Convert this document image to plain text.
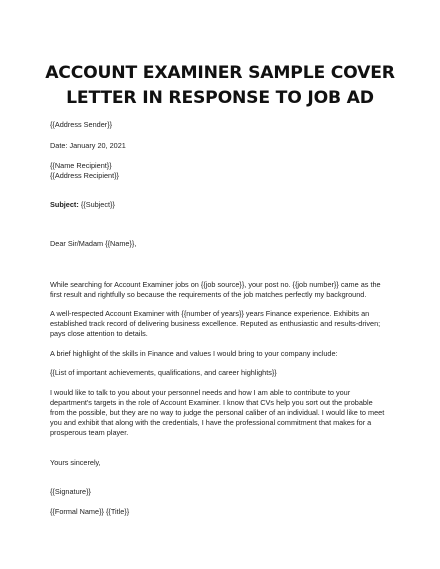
ACCOUNT EXAMINER SAMPLE COVER
LETTER IN RESPONSE TO JOB AD
{{Address Sender}}
Date: January 20, 2021
{{Name Recipient}}
{{Address Recipient}}
Subject: {{Subject}}
Dear Sir/Madam {{Name}},
While searching for Account Examiner jobs on {{job source}}, your post no. {{job number}} came as the
first result and rightfully so because the requirements of the job matches perfectly my background.
A well-respected Account Examiner with {{number of years}} years Finance experience. Exhibits an
established track record of delivering business excellence. Reputed as enthusiastic and results-driven;
pays close attention to details.
A brief highlight of the skills in Finance and values I would bring to your company include:
{{List of important achievements, qualifications, and career highlights}}
I would like to talk to you about your personnel needs and how I am able to contribute to your
department's targets in the role of Account Examiner. I know that CVs help you sort out the probable
from the possible, but they are no way to judge the personal caliber of an individual. I would like to meet
you and exhibit that along with the credentials, I have the professional commitment that makes for a
prosperous team player.
Yours sincerely,
{{Signature}}
{{Formal Name}} {{Title}}
